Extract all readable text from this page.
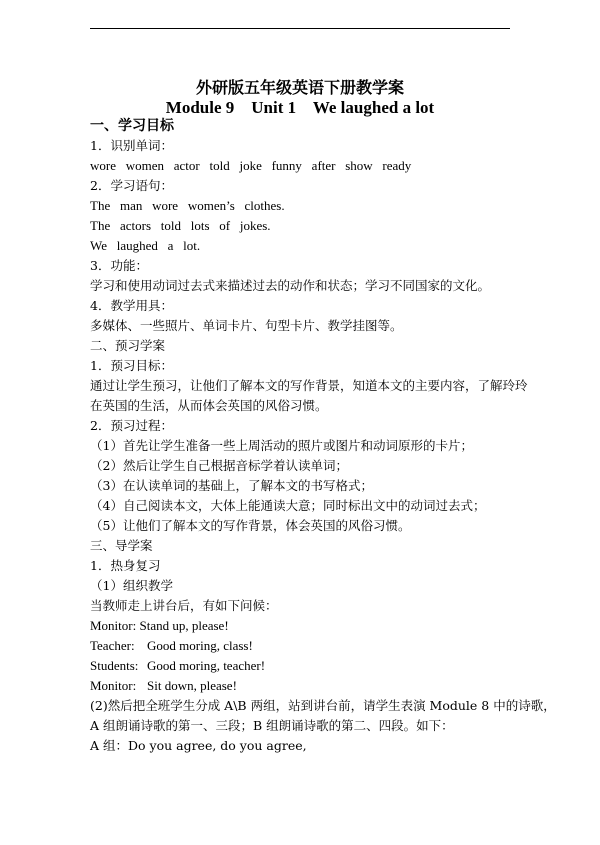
外研版五年级英语下册教学案
Module 9    Unit 1    We laughed a lot
一、学习目标
1．识别单词：
wore   women   actor   told   joke   funny   after   show   ready
2．学习语句：
The   man   wore   women’s   clothes.
The   actors   told   lots   of   jokes.
We   laughed   a   lot.
3．功能：
学习和使用动词过去式来描述过去的动作和状态；学习不同国家的文化。
4．教学用具：
多媒体、一些照片、单词卡片、句型卡片、教学挂图等。
二、预习学案
1．预习目标：
通过让学生预习，让他们了解本文的写作背景，知道本文的主要内容，了解玲玲
在英国的生活，从而体会英国的风俗习惯。
2．预习过程：
（1）首先让学生准备一些上周活动的照片或图片和动词原形的卡片；
（2）然后让学生自己根据音标学着认读单词；
（3）在认读单词的基础上，了解本文的书写格式；
（4）自己阅读本文，大体上能通读大意；同时标出文中的动词过去式；
（5）让他们了解本文的写作背景，体会英国的风俗习惯。
三、导学案
1．热身复习
（1）组织教学
当教师走上讲台后，有如下问候：
Monitor: Stand up, please!
Teacher: Good moring, class!
Students: Good moring, teacher!
Monitor: Sit down, please!
(2)然后把全班学生分成 A\B 两组，站到讲台前，请学生表演 Module 8 中的诗歌，
A 组朗诵诗歌的第一、三段；B 组朗诵诗歌的第二、四段。如下：
A 组：Do you agree, do you agree,
